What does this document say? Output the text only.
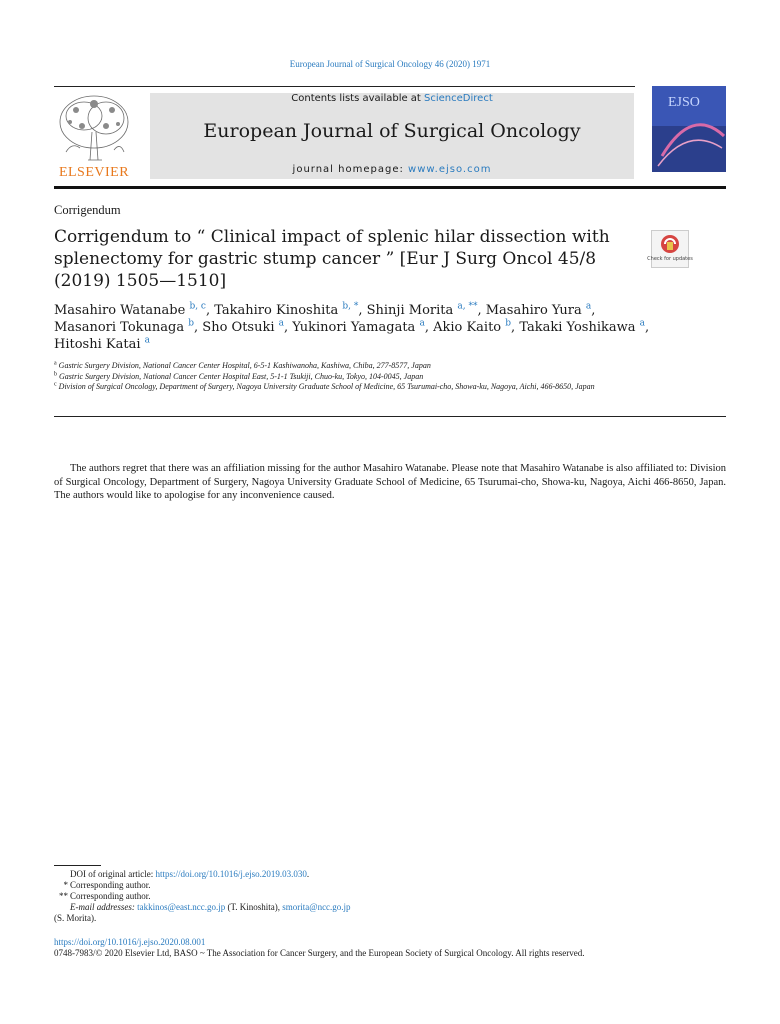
European Journal of Surgical Oncology 46 (2020) 1971
ELSEVIER
Contents lists available at ScienceDirect
European Journal of Surgical Oncology
journal homepage: www.ejso.com
EJSO
Corrigendum
Corrigendum to “ Clinical impact of splenic hilar dissection with splenectomy for gastric stump cancer ” [Eur J Surg Oncol 45/8 (2019) 1505—1510]
Check for updates
Masahiro Watanabe $^{b, c}$, Takahiro Kinoshita $^{b, *}$, Shinji Morita $^{a, **}$, Masahiro Yura $^a$,
Masanori Tokunaga $^b$, Sho Otsuki $^a$, Yukinori Yamagata $^a$, Akio Kaito $^b$, Takaki Yoshikawa $^a$,
Hitoshi Katai $^a$
$^a$ Gastric Surgery Division, National Cancer Center Hospital, 6-5-1 Kashiwanoha, Kashiwa, Chiba, 277-8577, Japan
$^b$ Gastric Surgery Division, National Cancer Center Hospital East, 5-1-1 Tsukiji, Chuo-ku, Tokyo, 104-0045, Japan
$^c$ Division of Surgical Oncology, Department of Surgery, Nagoya University Graduate School of Medicine, 65 Tsurumai-cho, Showa-ku, Nagoya, Aichi, 466-8650, Japan
The authors regret that there was an affiliation missing for the author Masahiro Watanabe. Please note that Masahiro Watanabe is also affiliated to: Division of Surgical Oncology, Department of Surgery, Nagoya University Graduate School of Medicine, 65 Tsurumai-cho, Showa-ku, Nagoya, Aichi 466-8650, Japan. The authors would like to apologise for any inconvenience caused.
DOI of original article: https://doi.org/10.1016/j.ejso.2019.03.030.
* Corresponding author.
** Corresponding author.
E-mail addresses: takkinos@east.ncc.go.jp (T. Kinoshita), smorita@ncc.go.jp
(S. Morita).
https://doi.org/10.1016/j.ejso.2020.08.001
0748-7983/© 2020 Elsevier Ltd, BASO ~ The Association for Cancer Surgery, and the European Society of Surgical Oncology. All rights reserved.
